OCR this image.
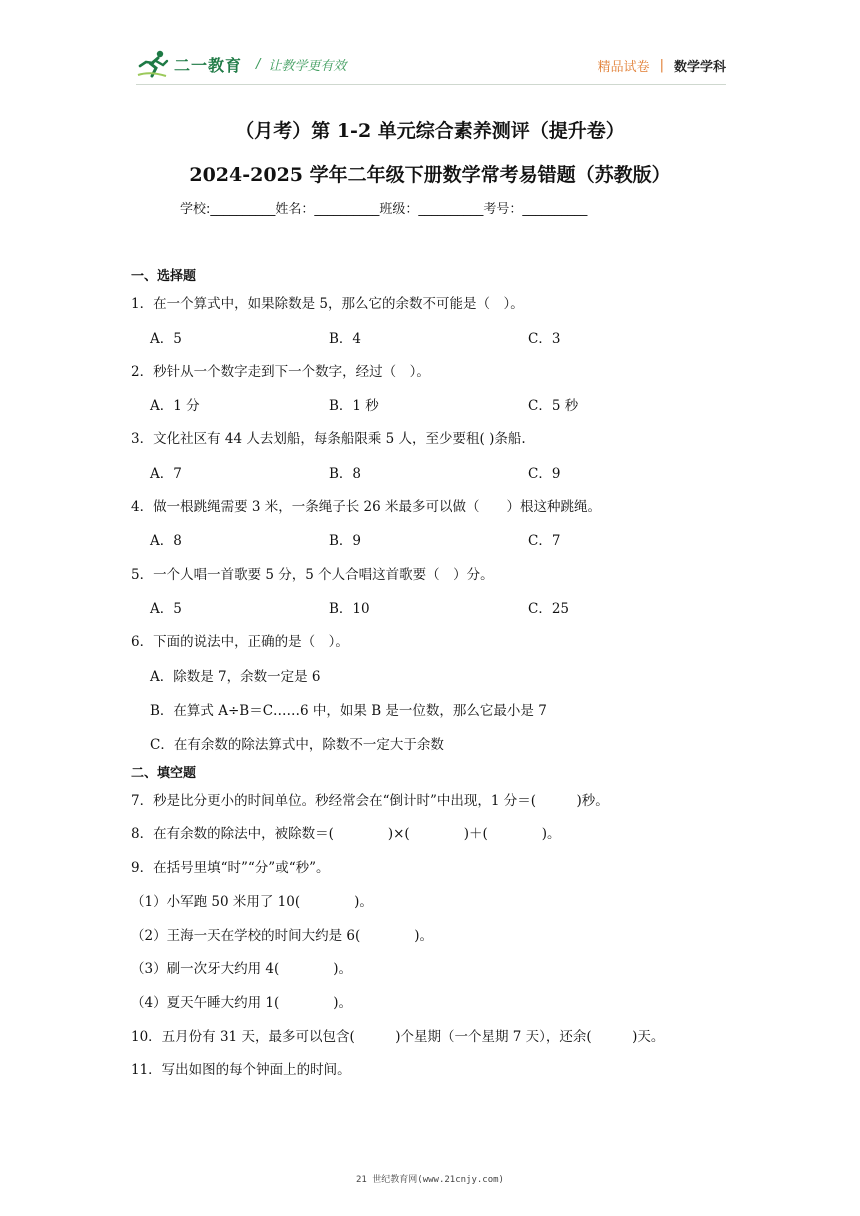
二一教育 / 让教学更有效	精品试卷 | 数学学科
（月考）第 1-2 单元综合素养测评（提升卷）
2024-2025 学年二年级下册数学常考易错题（苏教版）
学校:__________姓名：__________班级：__________考号：__________
一、选择题
1．在一个算式中，如果除数是 5，那么它的余数不可能是（　）。
A．5	B．4	C．3
2．秒针从一个数字走到下一个数字，经过（　）。
A．1 分	B．1 秒	C．5 秒
3．文化社区有 44 人去划船，每条船限乘 5 人，至少要租( )条船.
A．7	B．8	C．9
4．做一根跳绳需要 3 米，一条绳子长 26 米最多可以做（　　）根这种跳绳。
A．8	B．9	C．7
5．一个人唱一首歌要 5 分，5 个人合唱这首歌要（　）分。
A．5	B．10	C．25
6．下面的说法中，正确的是（　）。
A．除数是 7，余数一定是 6
B．在算式 A÷B＝C……6 中，如果 B 是一位数，那么它最小是 7
C．在有余数的除法算式中，除数不一定大于余数
二、填空题
7．秒是比分更小的时间单位。秒经常会在“倒计时”中出现，1 分＝(　　　)秒。
8．在有余数的除法中，被除数＝(　　　　)×(　　　　)＋(　　　　)。
9．在括号里填“时”“分”或“秒”。
（1）小军跑 50 米用了 10(　　　　)。
（2）王海一天在学校的时间大约是 6(　　　　)。
（3）刷一次牙大约用 4(　　　　)。
（4）夏天午睡大约用 1(　　　　)。
10．五月份有 31 天，最多可以包含(　　　)个星期（一个星期 7 天），还余(　　　)天。
11．写出如图的每个钟面上的时间。
21 世纪教育网(www.21cnjy.com)
